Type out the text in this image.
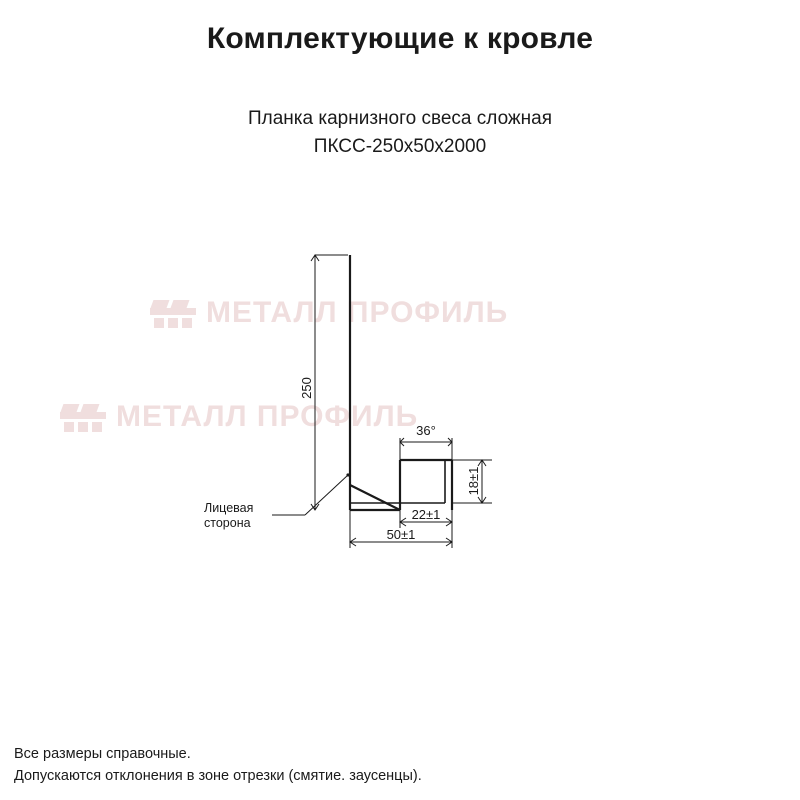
МЕТАЛЛ ПРОФИЛЬ
МЕТАЛЛ ПРОФИЛЬ
Комплектующие к кровле
Планка карнизного свеса сложная
ПКСС-250x50x2000
250
36°
18±1
22±1
50±1
Лицевая
сторона
Все размеры справочные.
Допускаются отклонения в зоне отрезки (смятие. заусенцы).
